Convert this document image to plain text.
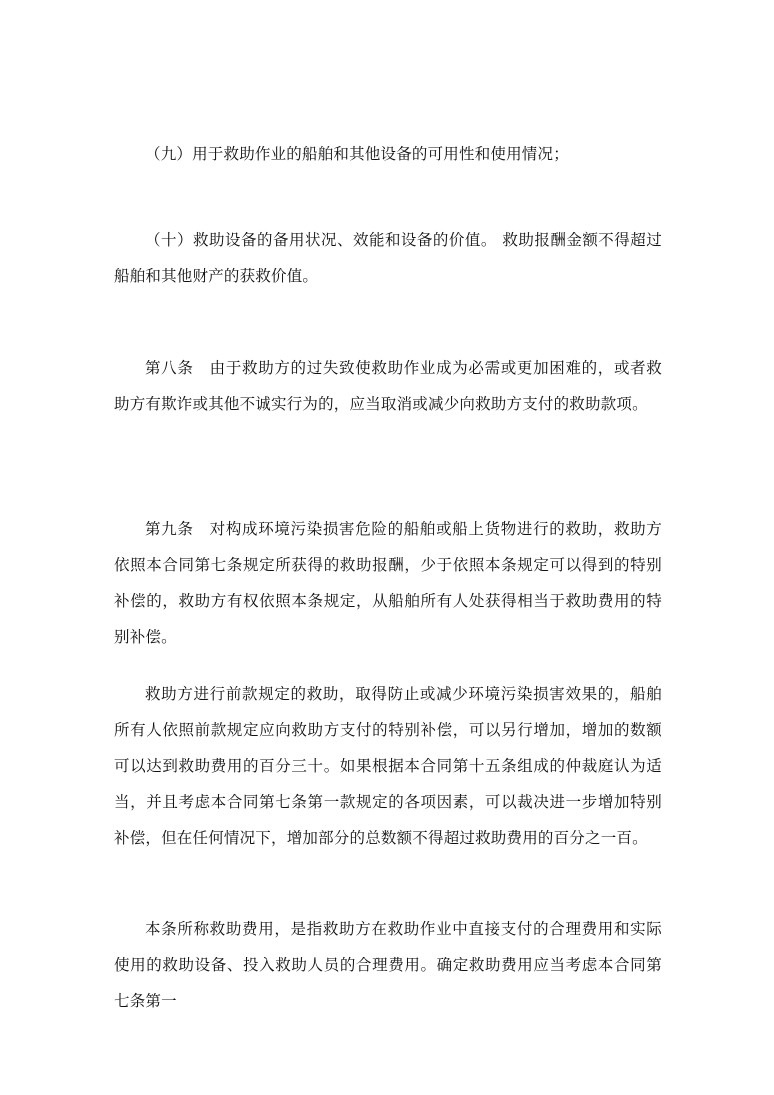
（九）用于救助作业的船舶和其他设备的可用性和使用情况；

（十）救助设备的备用状况、效能和设备的价值。 救助报酬金额不得超过船舶和其他财产的获救价值。

第八条　由于救助方的过失致使救助作业成为必需或更加困难的，或者救助方有欺诈或其他不诚实行为的，应当取消或减少向救助方支付的救助款项。

第九条　对构成环境污染损害危险的船舶或船上货物进行的救助，救助方依照本合同第七条规定所获得的救助报酬，少于依照本条规定可以得到的特别补偿的，救助方有权依照本条规定，从船舶所有人处获得相当于救助费用的特别补偿。

救助方进行前款规定的救助，取得防止或减少环境污染损害效果的，船舶所有人依照前款规定应向救助方支付的特别补偿，可以另行增加，增加的数额可以达到救助费用的百分三十。如果根据本合同第十五条组成的仲裁庭认为适当，并且考虑本合同第七条第一款规定的各项因素，可以裁决进一步增加特别补偿，但在任何情况下，增加部分的总数额不得超过救助费用的百分之一百。

本条所称救助费用，是指救助方在救助作业中直接支付的合理费用和实际使用的救助设备、投入救助人员的合理费用。确定救助费用应当考虑本合同第七条第一
